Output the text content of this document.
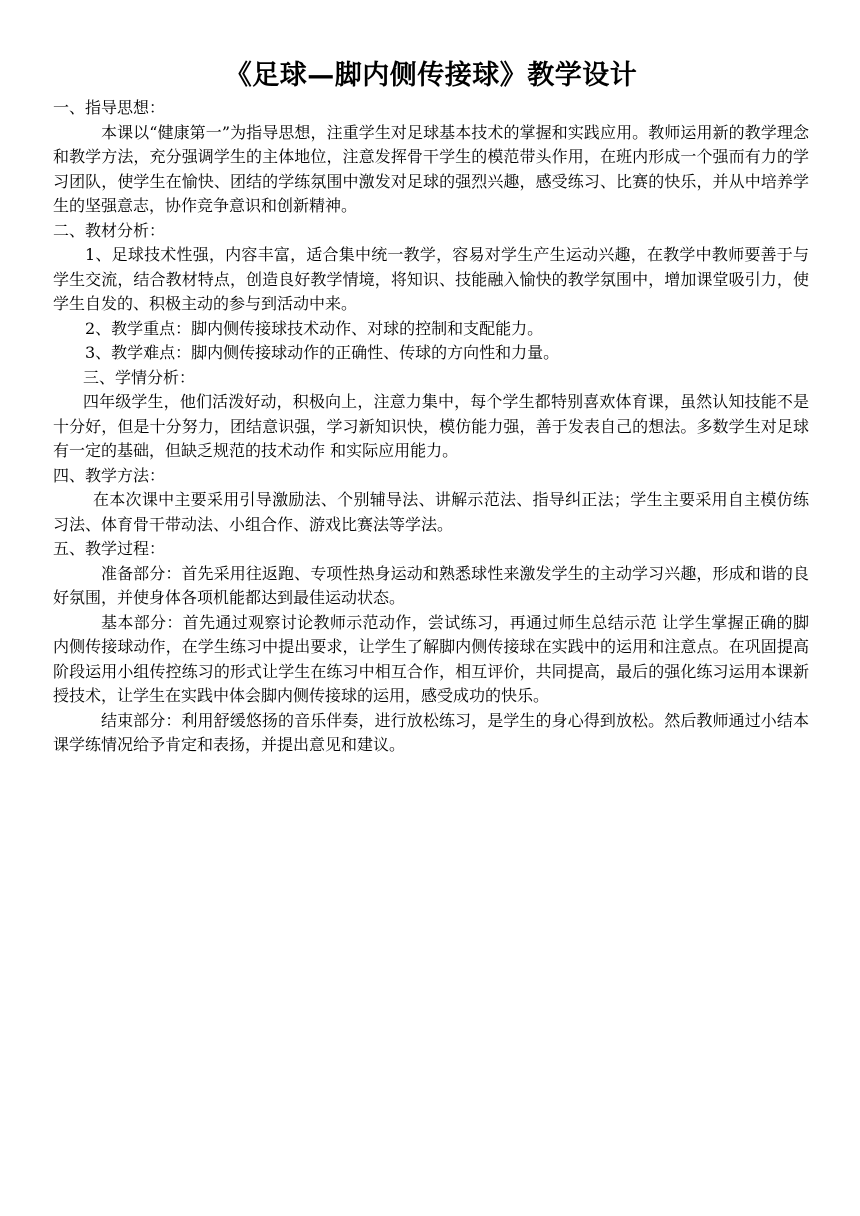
《足球—脚内侧传接球》教学设计

一、指导思想：

本课以“健康第一”为指导思想，注重学生对足球基本技术的掌握和实践应用。教师运用新的教学理念和教学方法，充分强调学生的主体地位，注意发挥骨干学生的模范带头作用，在班内形成一个强而有力的学习团队，使学生在愉快、团结的学练氛围中激发对足球的强烈兴趣，感受练习、比赛的快乐，并从中培养学生的坚强意志，协作竞争意识和创新精神。

二、教材分析：

1、足球技术性强，内容丰富，适合集中统一教学，容易对学生产生运动兴趣，在教学中教师要善于与学生交流，结合教材特点，创造良好教学情境，将知识、技能融入愉快的教学氛围中，增加课堂吸引力，使学生自发的、积极主动的参与到活动中来。

2、教学重点：脚内侧传接球技术动作、对球的控制和支配能力。

3、教学难点：脚内侧传接球动作的正确性、传球的方向性和力量。

三、学情分析：

四年级学生，他们活泼好动，积极向上，注意力集中，每个学生都特别喜欢体育课，虽然认知技能不是十分好，但是十分努力，团结意识强，学习新知识快，模仿能力强，善于发表自己的想法。多数学生对足球有一定的基础，但缺乏规范的技术动作 和实际应用能力。

四、教学方法：

在本次课中主要采用引导激励法、个别辅导法、讲解示范法、指导纠正法；学生主要采用自主模仿练习法、体育骨干带动法、小组合作、游戏比赛法等学法。

五、教学过程：

准备部分：首先采用往返跑、专项性热身运动和熟悉球性来激发学生的主动学习兴趣，形成和谐的良好氛围，并使身体各项机能都达到最佳运动状态。

基本部分：首先通过观察讨论教师示范动作，尝试练习，再通过师生总结示范 让学生掌握正确的脚内侧传接球动作，在学生练习中提出要求，让学生了解脚内侧传接球在实践中的运用和注意点。在巩固提高阶段运用小组传控练习的形式让学生在练习中相互合作，相互评价，共同提高，最后的强化练习运用本课新授技术，让学生在实践中体会脚内侧传接球的运用，感受成功的快乐。

结束部分：利用舒缓悠扬的音乐伴奏，进行放松练习，是学生的身心得到放松。然后教师通过小结本课学练情况给予肯定和表扬，并提出意见和建议。
